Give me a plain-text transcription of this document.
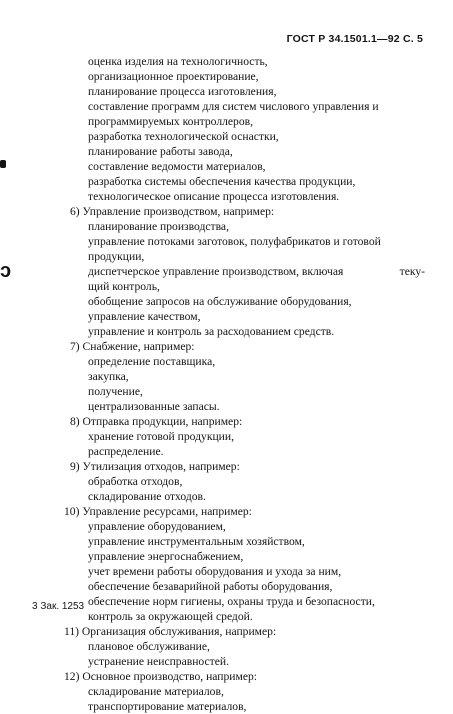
ГОСТ Р 34.1501.1—92 С. 5
ↄ
оценка изделия на технологичность,
организационное проектирование,
планирование процесса изготовления,
составление программ для систем числового управления и
программируемых контроллеров,
разработка технологической оснастки,
планирование работы завода,
составление ведомости материалов,
разработка системы обеспечения качества продукции,
технологическое описание процесса изготовления.
6) Управление производством, например:
планирование производства,
управление потоками заготовок, полуфабрикатов и готовой
продукции,
диспетчерское управление производством, включая	теку-
щий контроль,
обобщение запросов на обслуживание оборудования,
управление качеством,
управление и контроль за расходованием средств.
7) Снабжение, например:
определение поставщика,
закупка,
получение,
централизованные запасы.
8) Отправка продукции, например:
хранение готовой продукции,
распределение.
9) Утилизация отходов, например:
обработка отходов,
складирование отходов.
10) Управление ресурсами, например:
управление оборудованием,
управление инструментальным хозяйством,
управление энергоснабжением,
учет времени работы оборудования и ухода за ним,
обеспечение безаварийной работы оборудования,
обеспечение норм гигиены, охраны труда и безопасности,
контроль за окружающей средой.
11) Организация обслуживания, например:
плановое обслуживание,
устранение неисправностей.
12) Основное производство, например:
складирование материалов,
транспортирование материалов,
3 Зак. 1253
